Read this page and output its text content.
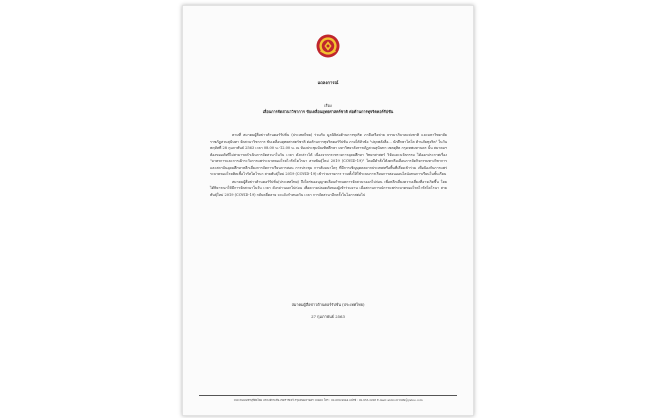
แถลงการณ์
เรื่อง
เลื่อนการจัดสวนาวิชาการ ขับเคลื่อนยุทธศาสตร์ชาติ ต่อต้านการทุจริตคอร์รัปชัน

ตามที่ สมาคมผู้สื่อข่าวต้านคอร์รัปชั่น (ประเทศไทย) ร่วมกับ มูลนิธิต่อต้านการทุจริต ภาคีเครือข่าย ธรรมาภิบาลแห่งชาติ และมหาวิทยาลัยราชภัฏสวนสุนันทา จัดสวนาวิชาการ ขับเคลื่อนยุทธศาสตร์ชาติ ต่อต้านการทุจริตคอร์รัปชัน ภายใต้หัวข้อ "ปลุกพลังสื่อ... นักศึกษาโตโต ต้านภัยทุจริต" ในวันพฤหัสที่ 28 กุมภาพันธ์ 2563 เวลา 08.00 น.-12.00 น. ณ ห้องประชุมบัณฑิตศึกษา มหาวิทยาลัยราชภัฏสวนสุนันทา เขตดุสิต กรุงเทพมหานคร นั้น สมาคมฯ ต้องขออภัยที่ไม่สามารถดำเนินการจัดสวนาในวัน เวลา ดังกล่าวได้ เนื่องจากกระทรวงการอุดมศึกษา วิทยาศาสตร์ วิจัยและนวัตกรรม ได้ออกประกาศเรื่อง "มาตรการและการเฝ้าระวังการแพร่ระบาดของโรคไวรัสโคโรนา สายพันธุ์ใหม่ 2019 (COVID-19)" โดยมีคำสั่งให้งดหรือเลื่อนการจัดกิจกรรมทางวิชาการ และสถาบันอุดมศึกษาหลีกเลี่ยงการจัดการเรียนการสอน การประชุม การสัมมนาใดๆ ที่มีการเชิญบุคคลจากประเทศหรือพื้นที่เสี่ยงเข้าร่วม เพื่อป้องกันการแพร่ระบาดของโรคติดเชื้อไวรัสโคโรนา สายพันธุ์ใหม่ 2019 (COVID-19) เข้าร่วมรายการ รวมทั้งให้ใช้ระบบการเรียนการสอนออนไลน์แทนการเรียนในชั้นเรียน

สมาคมผู้สื่อข่าวต้านคอร์รัปชั่น(ประเทศไทย) จึงใคร่ขออนุญาตเลื่อนกำหนดการจัดสวนาออกไปก่อน เพื่อหลีกเลี่ยงความเสี่ยงที่อาจเกิดขึ้น โดยได้พิจารณาให้มีการจัดสวนาในวัน เวลา ดังกล่าวออกไปก่อน เพื่อความปลอดภัยของผู้เข้าร่วมงาน เมื่อสถานการณ์การแพร่ระบาดของโรคไวรัสโคโรนา สายพันธุ์ใหม่ 2019 (COVID-19) กลับคลี่คลาย จะแจ้งกำหนดวัน เวลา การจัดสวนาอีกครั้งในโอกาสต่อไป

สมาคมผู้สื่อข่าวต้านคอร์รัปชั่น (ประเทศไทย)
27 กุมภาพันธ์ 2563
199 ถนนเพชรบุรีตัดใหม่ แขวงมักกะสัน เขตราชเทวี กรุงเทพมหานคร 10400 โทร : 02-080-9944 แฟกซ์ : 02-955-2208 E-mail: anticorr1999@yahoo.com
